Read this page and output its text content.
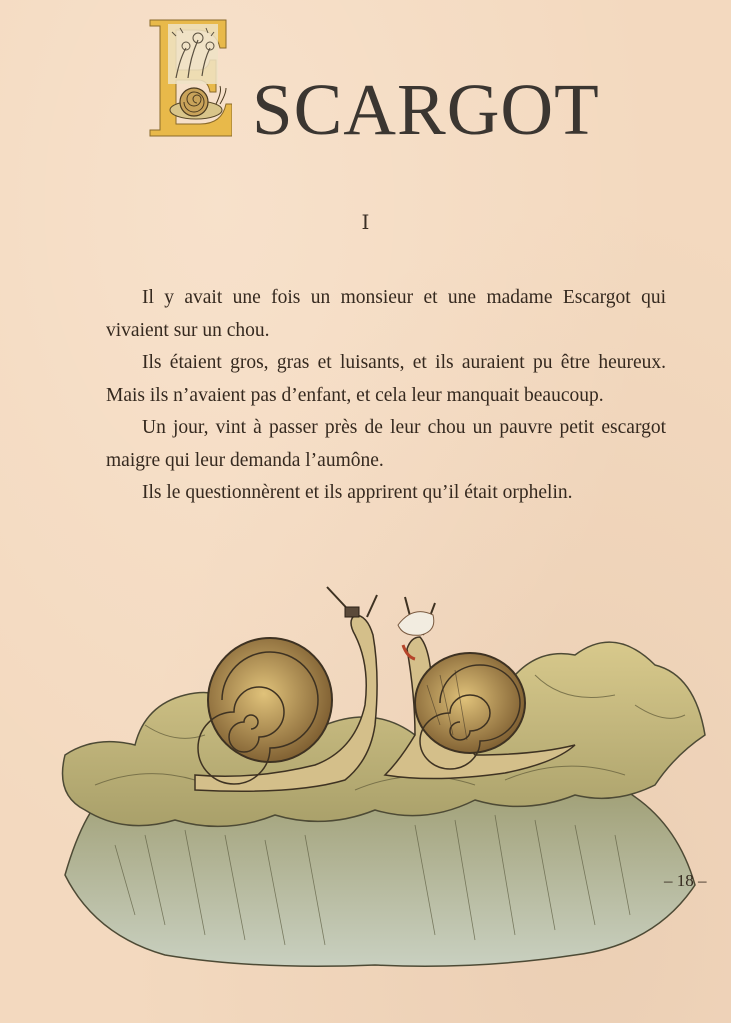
SCARGOT
I

Il y avait une fois un monsieur et une madame Escargot qui vivaient sur un chou.

Ils étaient gros, gras et luisants, et ils auraient pu être heureux. Mais ils n’avaient pas d’enfant, et cela leur manquait beaucoup.

Un jour, vint à passer près de leur chou un pauvre petit escargot maigre qui leur demanda l’aumône.

Ils le questionnèrent et ils apprirent qu’il était orphelin.

– 18 –
